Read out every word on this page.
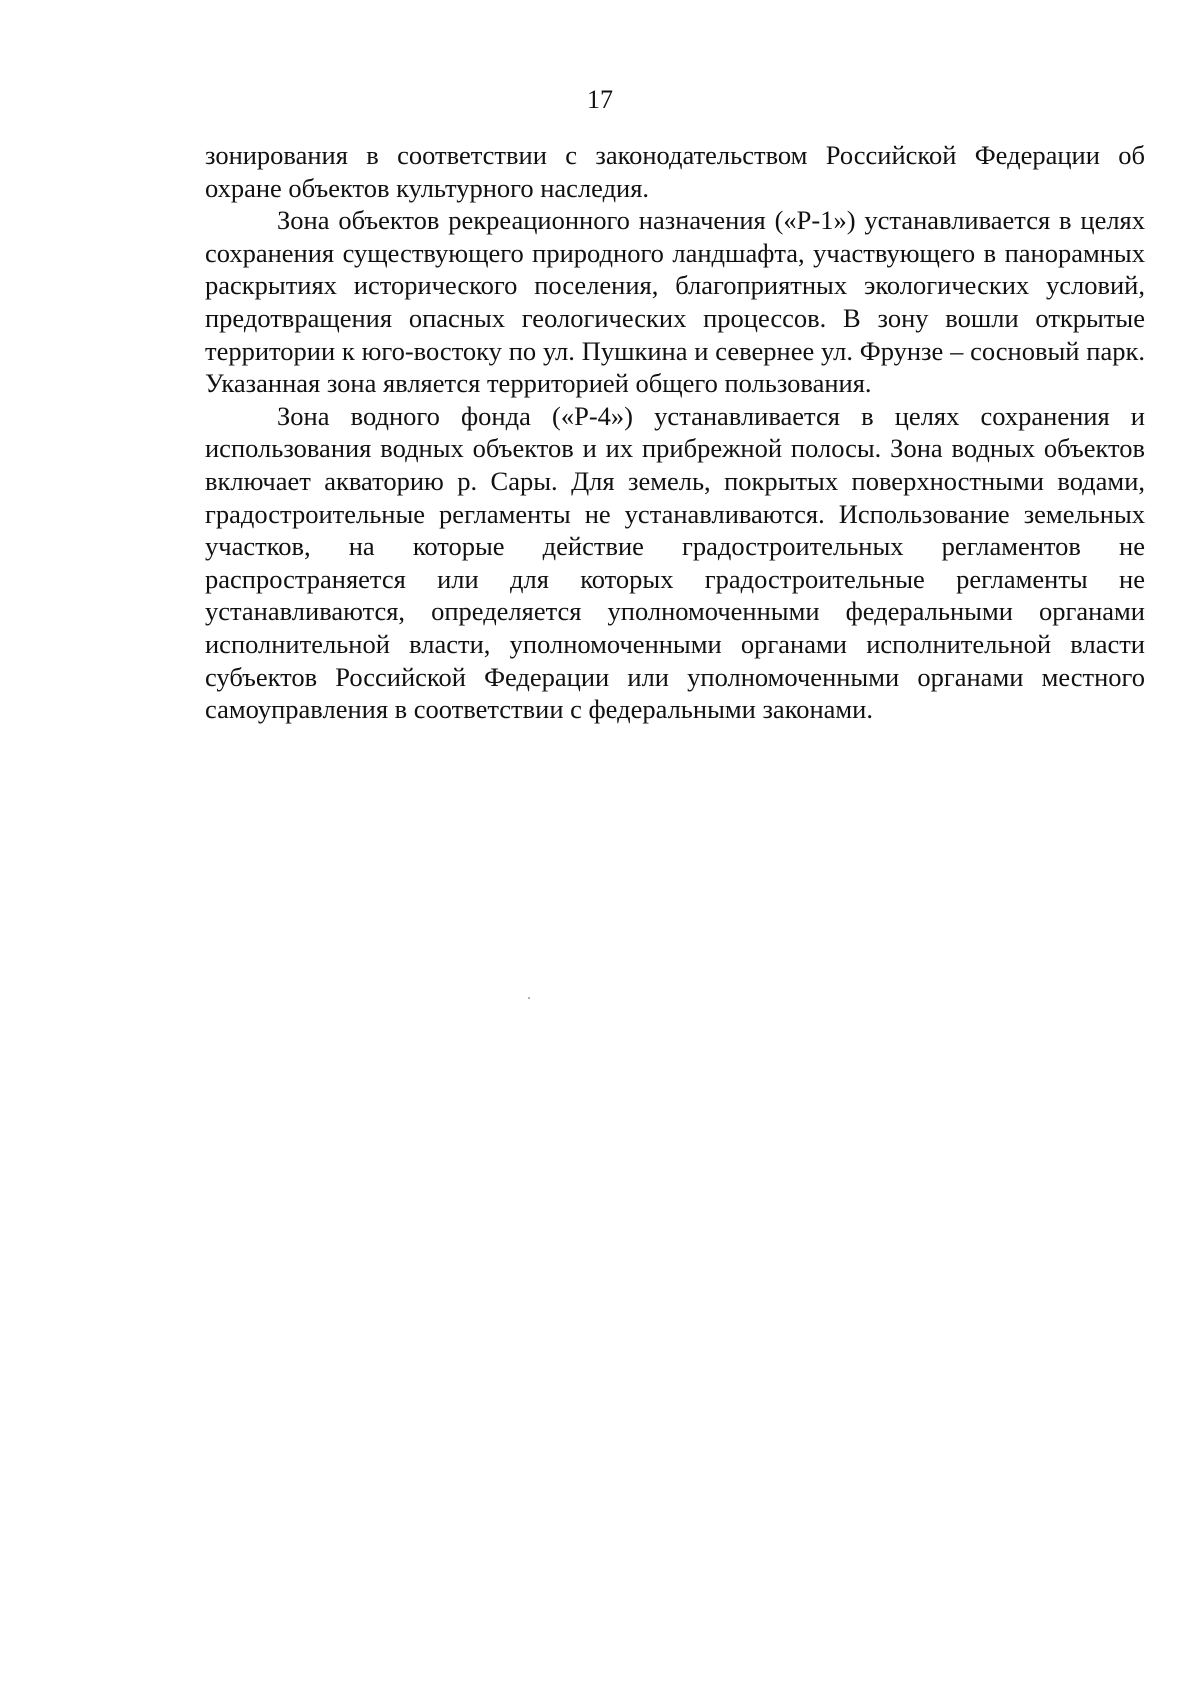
17

зонирования в соответствии с законодательством Российской Федерации об охране объектов культурного наследия.

Зона объектов рекреационного назначения («Р-1») устанавливается в целях сохранения существующего природного ландшафта, участвующего в панорамных раскрытиях исторического поселения, благоприятных экологических условий, предотвращения опасных геологических процессов. В зону вошли открытые территории к юго-востоку по ул. Пушкина и севернее ул. Фрунзе – сосновый парк. Указанная зона является территорией общего пользования.

Зона водного фонда («Р-4») устанавливается в целях сохранения и использования водных объектов и их прибрежной полосы. Зона водных объектов включает акваторию р. Сары. Для земель, покрытых поверхностными водами, градостроительные регламенты не устанавливаются. Использование земельных участков, на которые действие градостроительных регламентов не распространяется или для которых градостроительные регламенты не устанавливаются, определяется уполномоченными федеральными органами исполнительной власти, уполномоченными органами исполнительной власти субъектов Российской Федерации или уполномоченными органами местного самоуправления в соответствии с федеральными законами.
